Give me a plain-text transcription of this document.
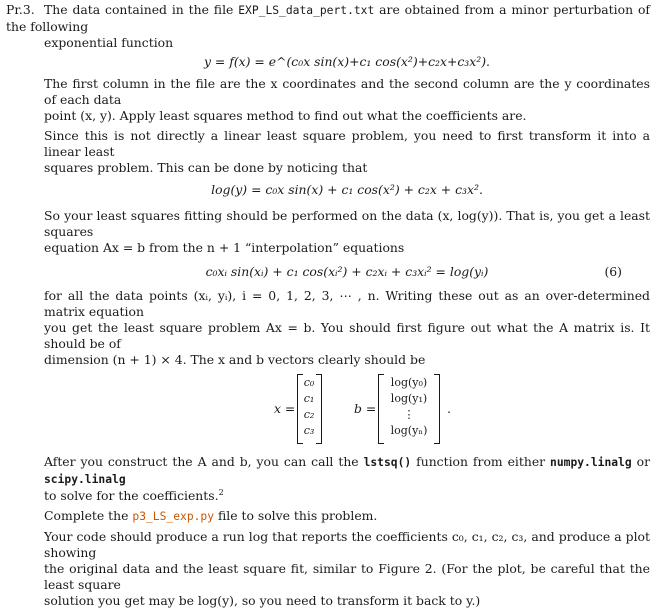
Pr.3. The data contained in the file EXP_LS_data_pert.txt are obtained from a minor perturbation of the following

exponential function

y = f(x) = e^(c₀x sin(x)+c₁ cos(x²)+c₂x+c₃x²).

The first column in the file are the x coordinates and the second column are the y coordinates of each data

point (x, y). Apply least squares method to find out what the coefficients are.

Since this is not directly a linear least square problem, you need to first transform it into a linear least

squares problem. This can be done by noticing that

log(y) = c₀x sin(x) + c₁ cos(x²) + c₂x + c₃x².

So your least squares fitting should be performed on the data (x, log(y)). That is, you get a least squares

equation Ax = b from the n + 1 “interpolation” equations

c₀xᵢ sin(xᵢ) + c₁ cos(xᵢ²) + c₂xᵢ + c₃xᵢ² = log(yᵢ)	(6)

for all the data points (xᵢ, yᵢ), i = 0, 1, 2, 3, ⋯ , n. Writing these out as an over-determined matrix equation

you get the least square problem Ax = b. You should first figure out what the A matrix is. It should be of

dimension (n + 1) × 4. The x and b vectors clearly should be

x =
c₀
c₁
c₂
c₃
b =
log(y₀)
log(y₁)
⋮
log(yₙ)
.

After you construct the A and b, you can call the lstsq() function from either numpy.linalg or scipy.linalg

to solve for the coefficients.$^2$

Complete the p3_LS_exp.py file to solve this problem.

Your code should produce a run log that reports the coefficients c₀, c₁, c₂, c₃, and produce a plot showing

the original data and the least square fit, similar to Figure 2. (For the plot, be careful that the least square

solution you get may be log(y), so you need to transform it back to y.)
